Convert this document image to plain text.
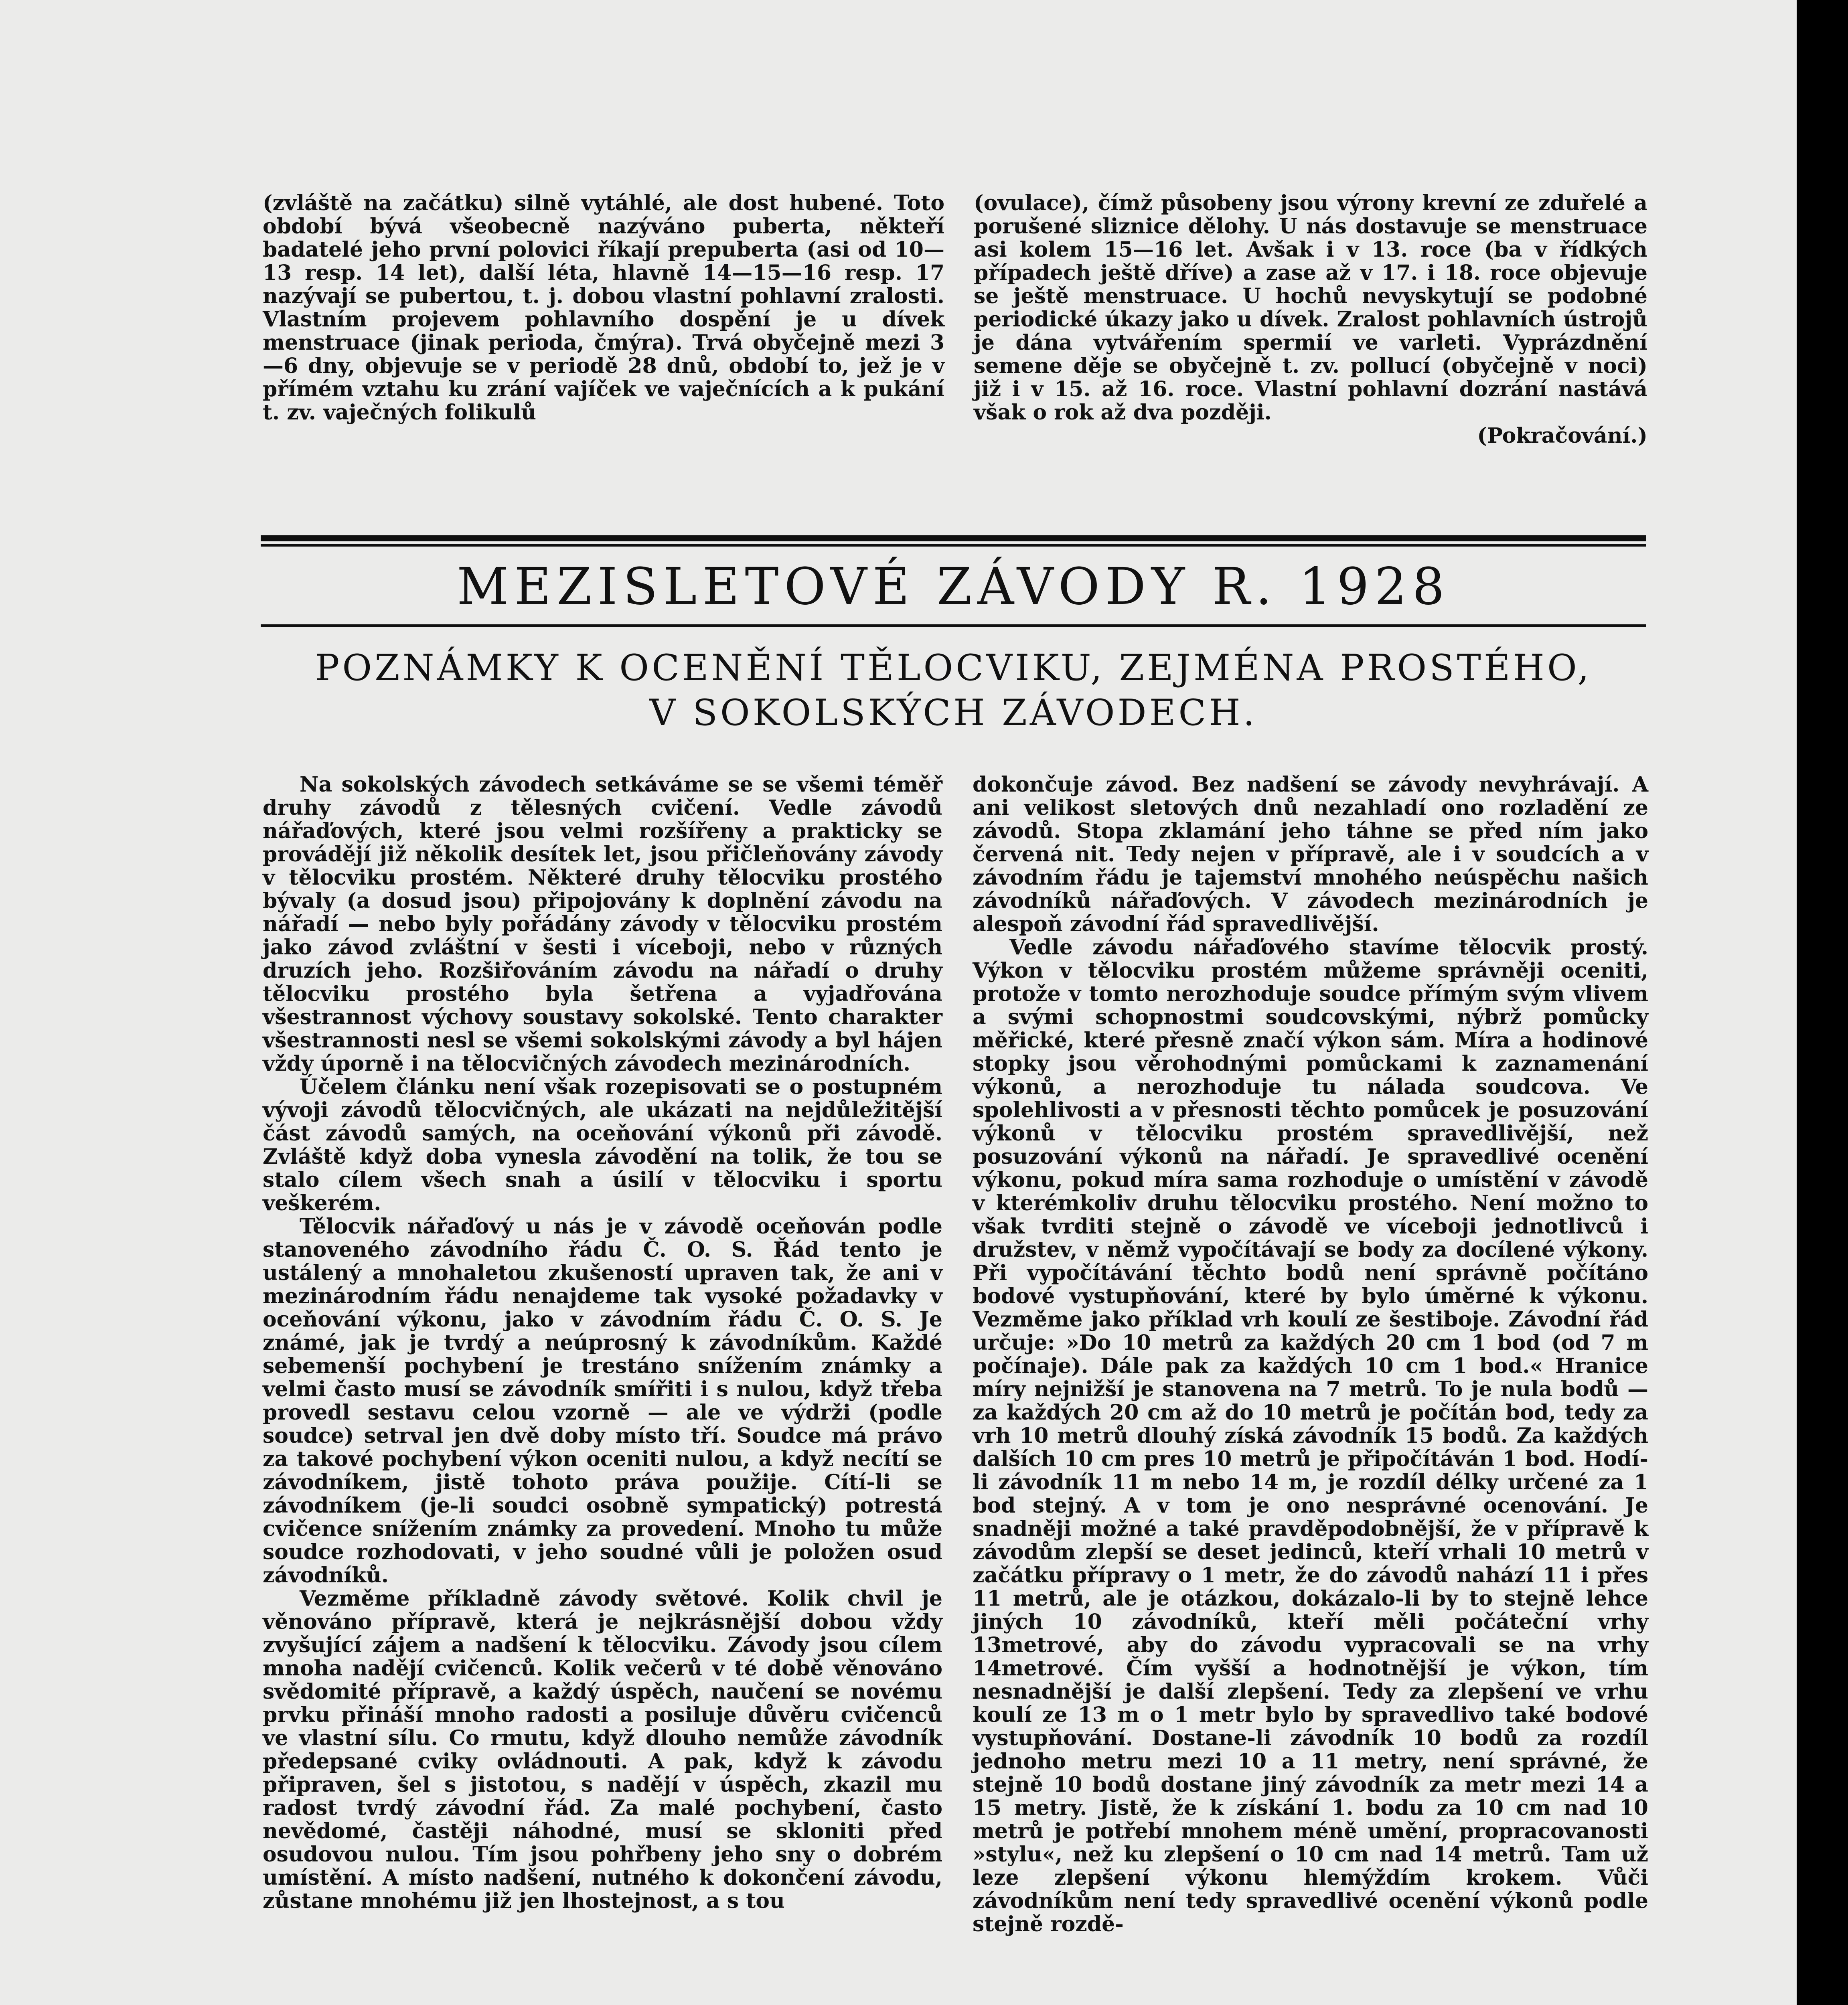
(zvláště na začátku) silně vytáhlé, ale dost hubené. Toto období bývá všeobecně nazýváno puberta, někteří badatelé jeho první polovici říkají prepuberta (asi od 10—13 resp. 14 let), další léta, hlavně 14—15—16 resp. 17 nazývají se pubertou, t. j. dobou vlastní pohlavní zralosti. Vlastním projevem pohlavního dospění je u dívek menstruace (jinak perioda, čmýra). Trvá obyčejně mezi 3—6 dny, objevuje se v periodě 28 dnů, období to, jež je v přímém vztahu ku zrání vajíček ve vaječnících a k pukání t. zv. vaječných folikulů

(ovulace), čímž působeny jsou výrony krevní ze zduřelé a porušené sliznice dělohy. U nás dostavuje se menstruace asi kolem 15—16 let. Avšak i v 13. roce (ba v řídkých případech ještě dříve) a zase až v 17. i 18. roce objevuje se ještě menstruace. U hochů nevyskytují se podobné periodické úkazy jako u dívek. Zralost pohlavních ústrojů je dána vytvářením spermií ve varleti. Vyprázdnění semene děje se obyčejně t. zv. pollucí (obyčejně v noci) již i v 15. až 16. roce. Vlastní pohlavní dozrání nastává však o rok až dva později.
(Pokračování.)

MEZISLETOVÉ ZÁVODY R. 1928
POZNÁMKY K OCENĚNÍ TĚLOCVIKU, ZEJMÉNA PROSTÉHO,
V SOKOLSKÝCH ZÁVODECH.

Na sokolských závodech setkáváme se se všemi téměř druhy závodů z tělesných cvičení. Vedle závodů nářaďových, které jsou velmi rozšířeny a prakticky se provádějí již několik desítek let, jsou přičleňovány závody v tělocviku prostém. Některé druhy tělocviku prostého bývaly (a dosud jsou) připojovány k doplnění závodu na nářadí — nebo byly pořádány závody v tělocviku prostém jako závod zvláštní v šesti i víceboji, nebo v různých druzích jeho. Rozšiřováním závodu na nářadí o druhy tělocviku prostého byla šetřena a vyjadřována všestrannost výchovy soustavy sokolské. Tento charakter všestrannosti nesl se všemi sokolskými závody a byl hájen vždy úporně i na tělocvičných závodech mezinárodních.

Účelem článku není však rozepisovati se o postupném vývoji závodů tělocvičných, ale ukázati na nejdůležitější část závodů samých, na oceňování výkonů při závodě. Zvláště když doba vynesla závodění na tolik, že tou se stalo cílem všech snah a úsilí v tělocviku i sportu veškerém.

Tělocvik nářaďový u nás je v závodě oceňován podle stanoveného závodního řádu Č. O. S. Řád tento je ustálený a mnohaletou zkušeností upraven tak, že ani v mezinárodním řádu nenajdeme tak vysoké požadavky v oceňování výkonu, jako v závodním řádu Č. O. S. Je známé, jak je tvrdý a neúprosný k závodníkům. Každé sebemenší pochybení je trestáno snížením známky a velmi často musí se závodník smířiti i s nulou, když třeba provedl sestavu celou vzorně — ale ve výdrži (podle soudce) setrval jen dvě doby místo tří. Soudce má právo za takové pochybení výkon oceniti nulou, a když necítí se závodníkem, jistě tohoto práva použije. Cítí-li se závodníkem (je-li soudci osobně sympatický) potrestá cvičence snížením známky za provedení. Mnoho tu může soudce rozhodovati, v jeho soudné vůli je položen osud závodníků.

Vezměme příkladně závody světové. Kolik chvil je věnováno přípravě, která je nejkrásnější dobou vždy zvyšující zájem a nadšení k tělocviku. Závody jsou cílem mnoha nadějí cvičenců. Kolik večerů v té době věnováno svědomité přípravě, a každý úspěch, naučení se novému prvku přináší mnoho radosti a posiluje důvěru cvičenců ve vlastní sílu. Co rmutu, když dlouho nemůže závodník předepsané cviky ovládnouti. A pak, když k závodu připraven, šel s jistotou, s nadějí v úspěch, zkazil mu radost tvrdý závodní řád. Za malé pochybení, často nevědomé, častěji náhodné, musí se skloniti před osudovou nulou. Tím jsou pohřbeny jeho sny o dobrém umístění. A místo nadšení, nutného k dokončení závodu, zůstane mnohému již jen lhostejnost, a s tou

dokončuje závod. Bez nadšení se závody nevyhrávají. A ani velikost sletových dnů nezahladí ono rozladění ze závodů. Stopa zklamání jeho táhne se před ním jako červená nit. Tedy nejen v přípravě, ale i v soudcích a v závodním řádu je tajemství mnohého neúspěchu našich závodníků nářaďových. V závodech mezinárodních je alespoň závodní řád spravedlivější.

Vedle závodu nářaďového stavíme tělocvik prostý. Výkon v tělocviku prostém můžeme správněji oceniti, protože v tomto nerozhoduje soudce přímým svým vlivem a svými schopnostmi soudcovskými, nýbrž pomůcky měřické, které přesně značí výkon sám. Míra a hodinové stopky jsou věrohodnými pomůckami k zaznamenání výkonů, a nerozhoduje tu nálada soudcova. Ve spolehlivosti a v přesnosti těchto pomůcek je posuzování výkonů v tělocviku prostém spravedlivější, než posuzování výkonů na nářadí. Je spravedlivé ocenění výkonu, pokud míra sama rozhoduje o umístění v závodě v kterémkoliv druhu tělocviku prostého. Není možno to však tvrditi stejně o závodě ve víceboji jednotlivců i družstev, v němž vypočítávají se body za docílené výkony. Při vypočítávání těchto bodů není správně počítáno bodové vystupňování, které by bylo úměrné k výkonu. Vezměme jako příklad vrh koulí ze šestiboje. Závodní řád určuje: »Do 10 metrů za každých 20 cm 1 bod (od 7 m počínaje). Dále pak za každých 10 cm 1 bod.« Hranice míry nejnižší je stanovena na 7 metrů. To je nula bodů — za každých 20 cm až do 10 metrů je počítán bod, tedy za vrh 10 metrů dlouhý získá závodník 15 bodů. Za každých dalších 10 cm pres 10 metrů je připočítáván 1 bod. Hodí-li závodník 11 m nebo 14 m, je rozdíl délky určené za 1 bod stejný. A v tom je ono nesprávné ocenování. Je snadněji možné a také pravděpodobnější, že v přípravě k závodům zlepší se deset jedinců, kteří vrhali 10 metrů v začátku přípravy o 1 metr, že do závodů nahází 11 i přes 11 metrů, ale je otázkou, dokázalo-li by to stejně lehce jiných 10 závodníků, kteří měli počáteční vrhy 13metrové, aby do závodu vypracovali se na vrhy 14metrové. Čím vyšší a hodnotnější je výkon, tím nesnadnější je další zlepšení. Tedy za zlepšení ve vrhu koulí ze 13 m o 1 metr bylo by spravedlivo také bodové vystupňování. Dostane-li závodník 10 bodů za rozdíl jednoho metru mezi 10 a 11 metry, není správné, že stejně 10 bodů dostane jiný závodník za metr mezi 14 a 15 metry. Jistě, že k získání 1. bodu za 10 cm nad 10 metrů je potřebí mnohem méně umění, propracovanosti »stylu«, než ku zlepšení o 10 cm nad 14 metrů. Tam už leze zlepšení výkonu hlemýždím krokem. Vůči závodníkům není tedy spravedlivé ocenění výkonů podle stejně rozdě-
